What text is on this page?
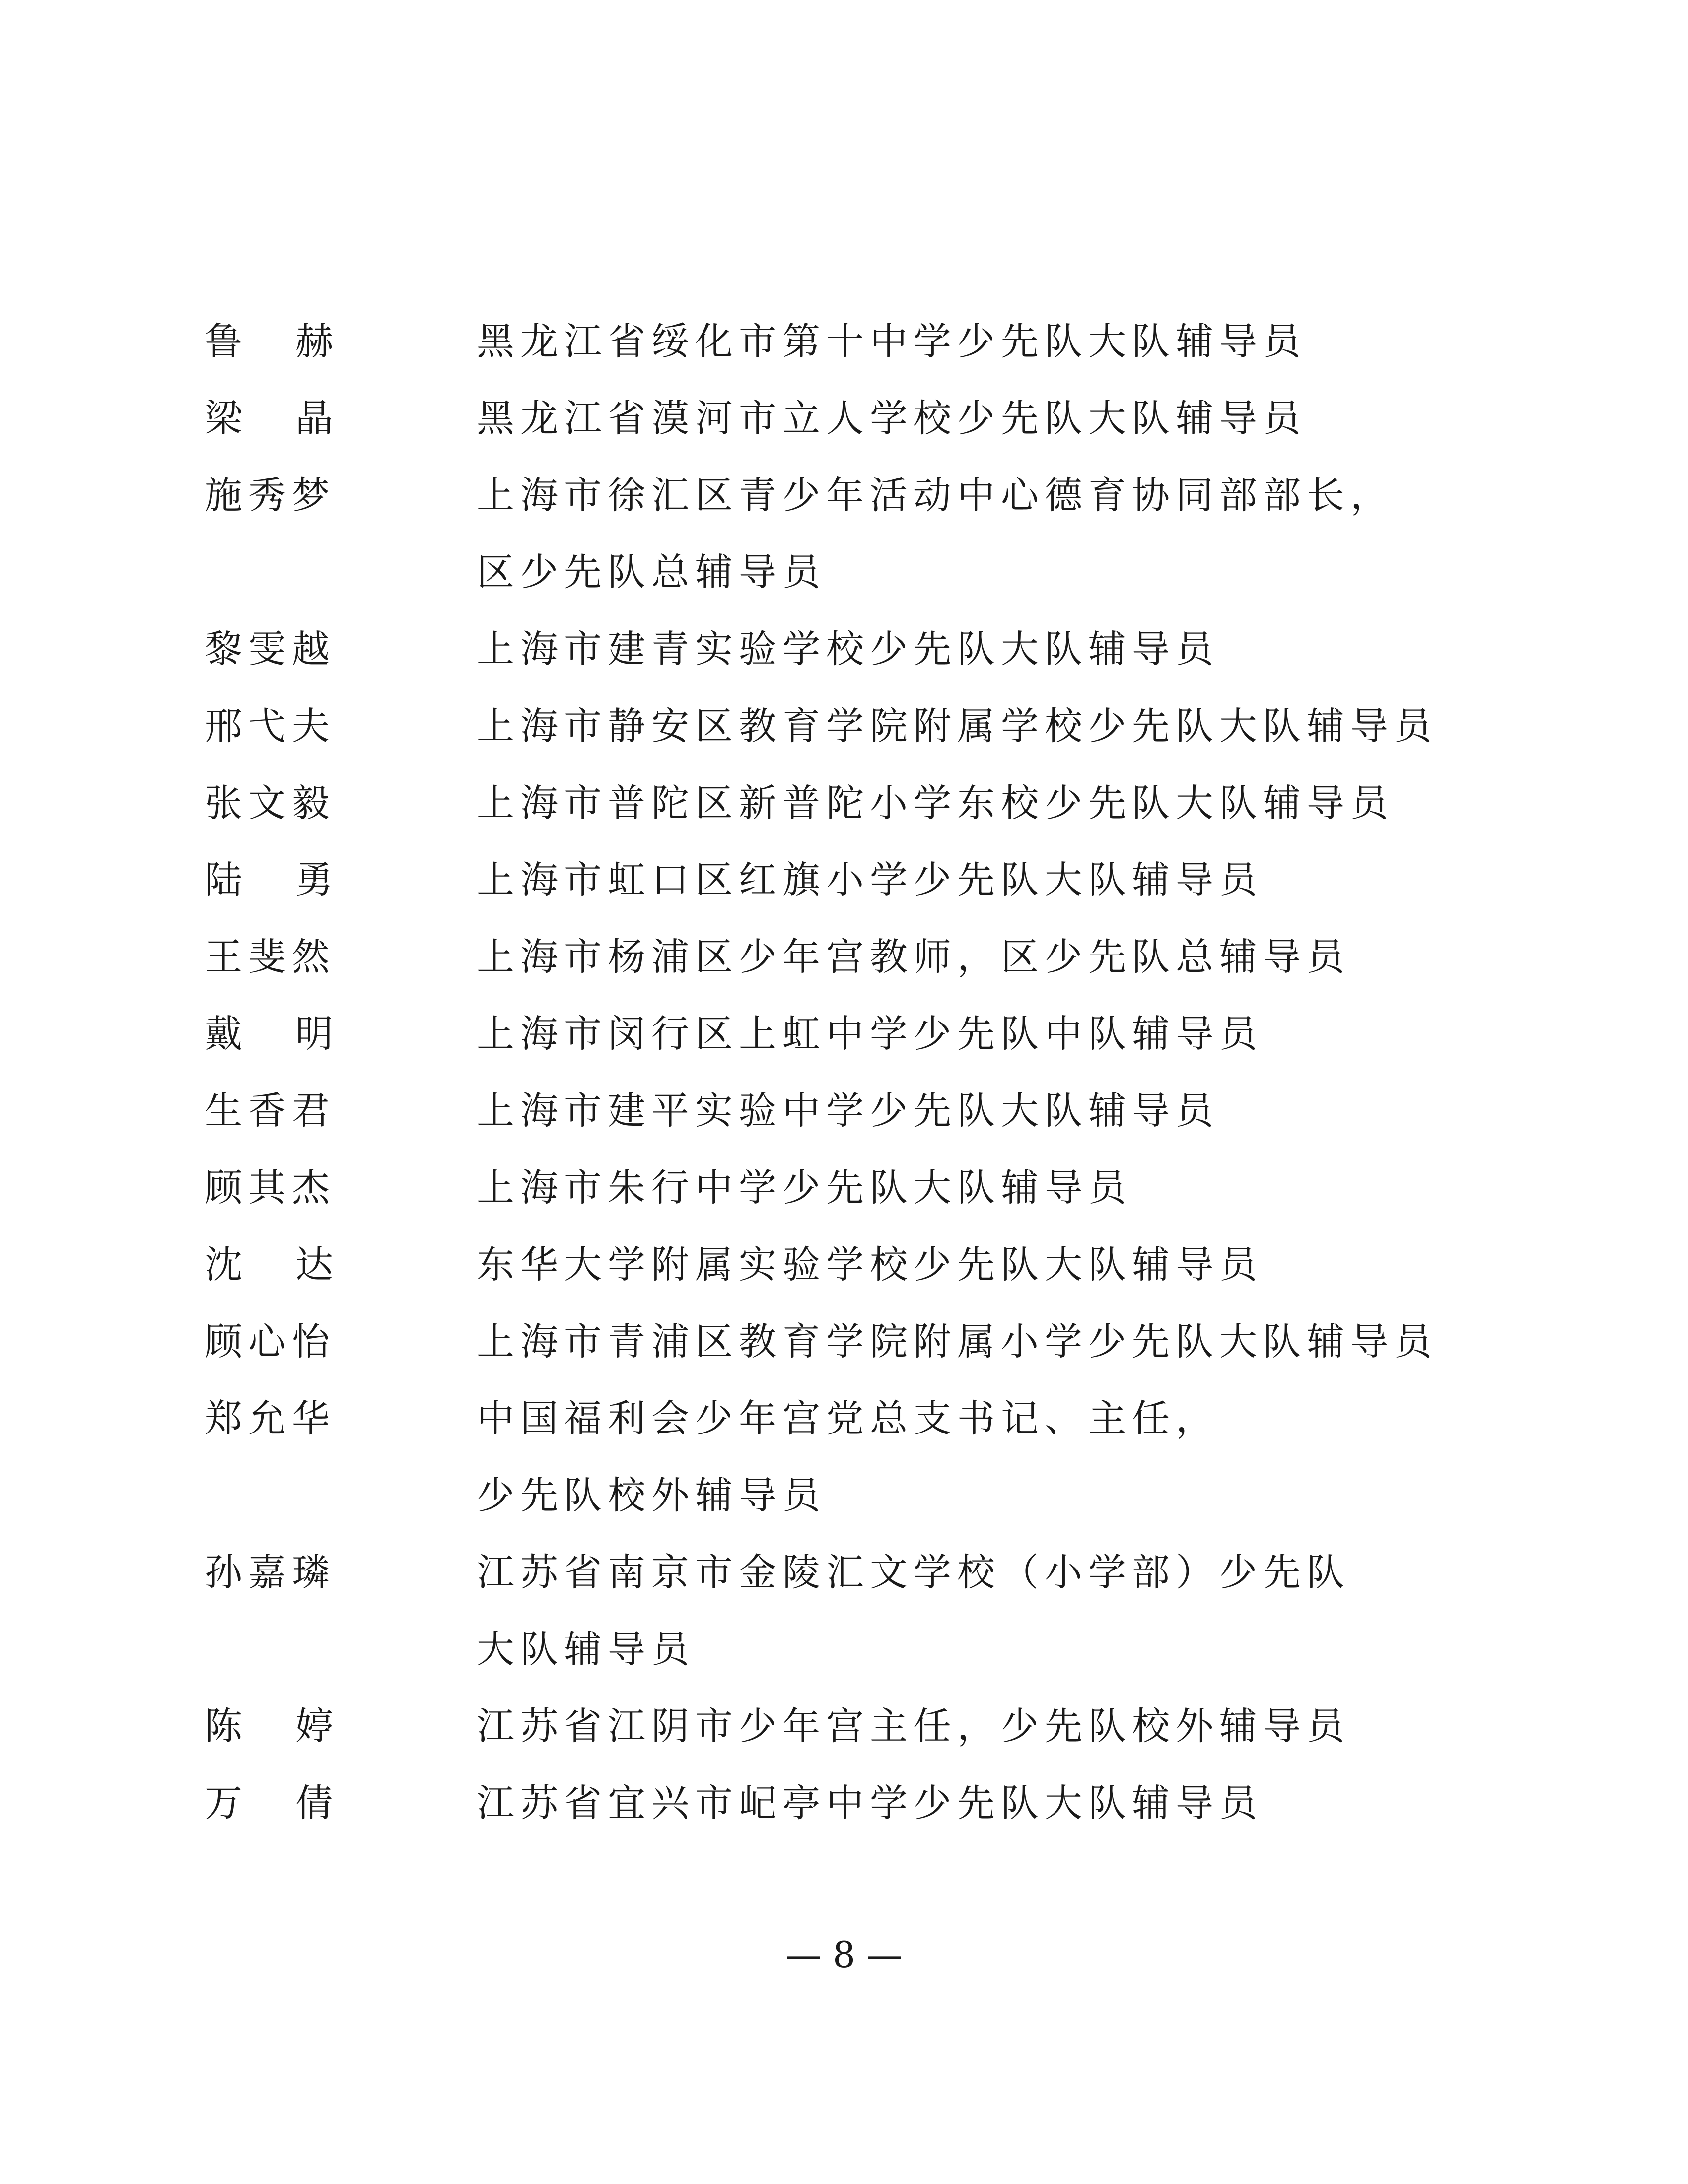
鲁赫	黑龙江省绥化市第十中学少先队大队辅导员
梁晶	黑龙江省漠河市立人学校少先队大队辅导员
施秀梦	上海市徐汇区青少年活动中心德育协同部部长，
区少先队总辅导员
黎雯越	上海市建青实验学校少先队大队辅导员
邢弋夫	上海市静安区教育学院附属学校少先队大队辅导员
张文毅	上海市普陀区新普陀小学东校少先队大队辅导员
陆勇	上海市虹口区红旗小学少先队大队辅导员
王斐然	上海市杨浦区少年宫教师，区少先队总辅导员
戴明	上海市闵行区上虹中学少先队中队辅导员
生香君	上海市建平实验中学少先队大队辅导员
顾其杰	上海市朱行中学少先队大队辅导员
沈达	东华大学附属实验学校少先队大队辅导员
顾心怡	上海市青浦区教育学院附属小学少先队大队辅导员
郑允华	中国福利会少年宫党总支书记、主任，
少先队校外辅导员
孙嘉璘	江苏省南京市金陵汇文学校（小学部）少先队
大队辅导员
陈婷	江苏省江阴市少年宫主任，少先队校外辅导员
万倩	江苏省宜兴市屺亭中学少先队大队辅导员
— 8 —
